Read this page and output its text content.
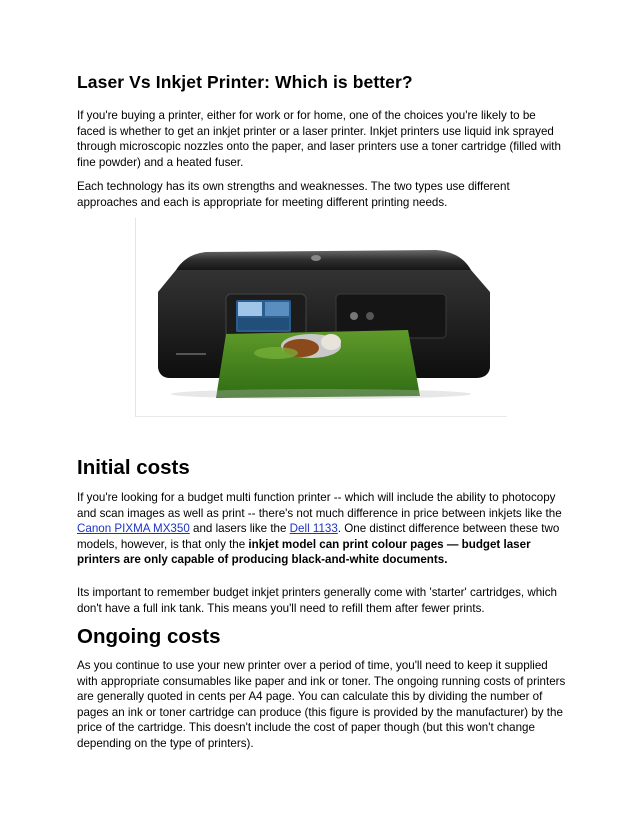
Laser Vs Inkjet Printer: Which is better?

If you're buying a printer, either for work or for home, one of the choices you're likely to be faced is whether to get an inkjet printer or a laser printer. Inkjet printers use liquid ink sprayed through microscopic nozzles onto the paper, and laser printers use a toner cartridge (filled with fine powder) and a heated fuser.

Each technology has its own strengths and weaknesses. The two types use different approaches and each is appropriate for meeting different printing needs.

Initial costs

If you're looking for a budget multi function printer -- which will include the ability to photocopy and scan images as well as print -- there's not much difference in price between inkjets like the Canon PIXMA MX350 and lasers like the Dell 1133. One distinct difference between these two models, however, is that only the inkjet model can print colour pages — budget laser printers are only capable of producing black-and-white documents.

Its important to remember budget inkjet printers generally come with 'starter' cartridges, which don't have a full ink tank. This means you'll need to refill them after fewer prints.

Ongoing costs

As you continue to use your new printer over a period of time, you'll need to keep it supplied with appropriate consumables like paper and ink or toner. The ongoing running costs of printers are generally quoted in cents per A4 page. You can calculate this by dividing the number of pages an ink or toner cartridge can produce (this figure is provided by the manufacturer) by the price of the cartridge. This doesn't include the cost of paper though (but this won't change depending on the type of printers).
